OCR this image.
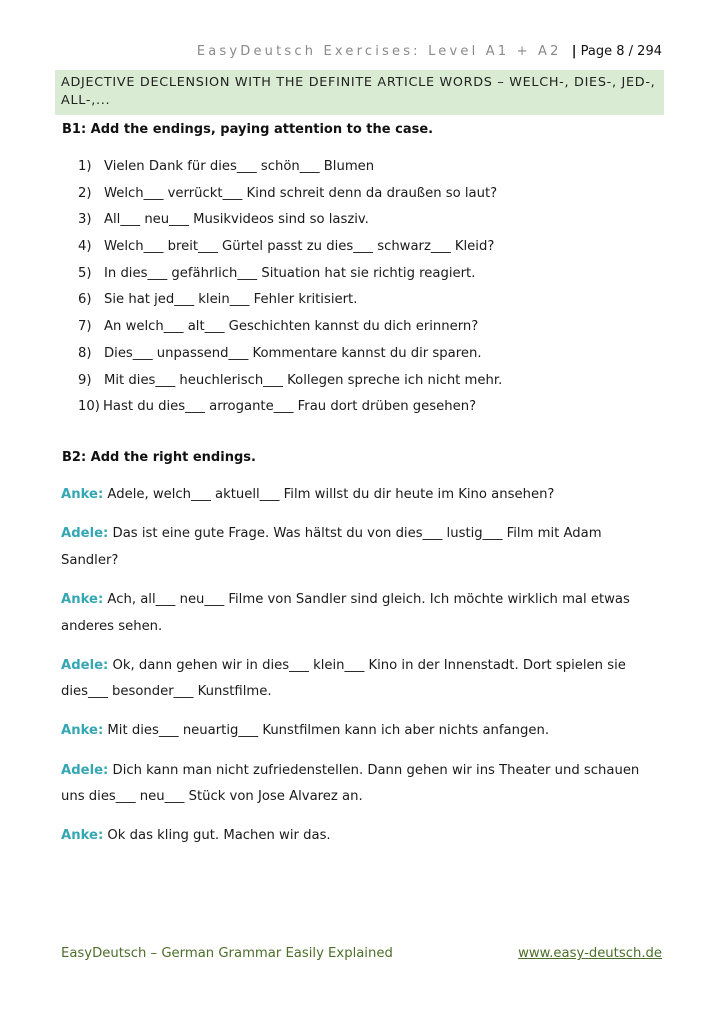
EasyDeutsch Exercises: Level A1 + A2 | Page 8 / 294
ADJECTIVE DECLENSION WITH THE DEFINITE ARTICLE WORDS – WELCH-, DIES-, JED-, ALL-,...
B1: Add the endings, paying attention to the case.
1) Vielen Dank für dies___ schön___ Blumen
2) Welch___ verrückt___ Kind schreit denn da draußen so laut?
3) All___ neu___ Musikvideos sind so lasziv.
4) Welch___ breit___ Gürtel passt zu dies___ schwarz___ Kleid?
5) In dies___ gefährlich___ Situation hat sie richtig reagiert.
6) Sie hat jed___ klein___ Fehler kritisiert.
7) An welch___ alt___ Geschichten kannst du dich erinnern?
8) Dies___ unpassend___ Kommentare kannst du dir sparen.
9) Mit dies___ heuchlerisch___ Kollegen spreche ich nicht mehr.
10) Hast du dies___ arrogante___ Frau dort drüben gesehen?
B2: Add the right endings.

Anke: Adele, welch___ aktuell___ Film willst du dir heute im Kino ansehen?

Adele: Das ist eine gute Frage. Was hältst du von dies___ lustig___ Film mit Adam Sandler?

Anke: Ach, all___ neu___ Filme von Sandler sind gleich. Ich möchte wirklich mal etwas anderes sehen.

Adele: Ok, dann gehen wir in dies___ klein___ Kino in der Innenstadt. Dort spielen sie dies___ besonder___ Kunstfilme.

Anke: Mit dies___ neuartig___ Kunstfilmen kann ich aber nichts anfangen.

Adele: Dich kann man nicht zufriedenstellen. Dann gehen wir ins Theater und schauen uns dies___ neu___ Stück von Jose Alvarez an.

Anke: Ok das kling gut. Machen wir das.

EasyDeutsch – German Grammar Easily Explained	www.easy-deutsch.de
